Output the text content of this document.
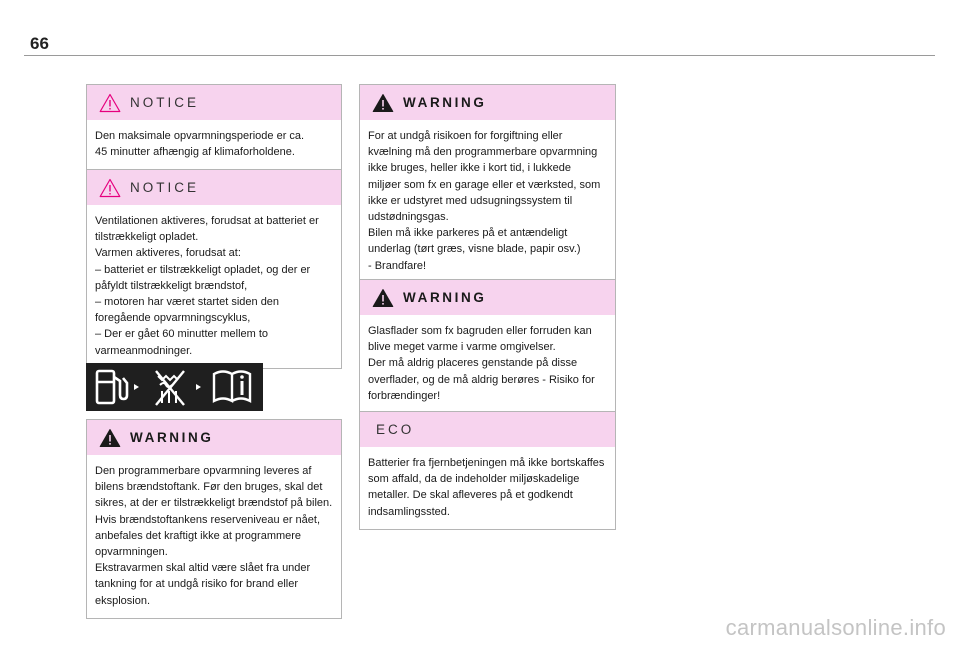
66
NOTICE
Den maksimale opvarmningsperiode er ca.
45 minutter afhængig af klimaforholdene.
NOTICE
Ventilationen aktiveres, forudsat at batteriet er tilstrækkeligt opladet.
Varmen aktiveres, forudsat at:
– batteriet er tilstrækkeligt opladet, og der er påfyldt tilstrækkeligt brændstof,
– motoren har været startet siden den foregående opvarmningscyklus,
– Der er gået 60 minutter mellem to varmeanmodninger.
WARNING
Den programmerbare opvarmning leveres af bilens brændstoftank. Før den bruges, skal det sikres, at der er tilstrækkeligt brændstof på bilen. Hvis brændstoftankens reserveniveau er nået, anbefales det kraftigt ikke at programmere opvarmningen.
Ekstravarmen skal altid være slået fra under tankning for at undgå risiko for brand eller eksplosion.
WARNING
For at undgå risikoen for forgiftning eller kvælning må den programmerbare opvarmning ikke bruges, heller ikke i kort tid, i lukkede miljøer som fx en garage eller et værksted, som ikke er udstyret med udsugningssystem til udstødningsgas.
Bilen må ikke parkeres på et antændeligt underlag (tørt græs, visne blade, papir osv.)
- Brandfare!
WARNING
Glasflader som fx bagruden eller forruden kan blive meget varme i varme omgivelser.
Der må aldrig placeres genstande på disse overflader, og de må aldrig berøres - Risiko for forbrændinger!
ECO
Batterier fra fjernbetjeningen må ikke bortskaffes som affald, da de indeholder miljøskadelige metaller. De skal afleveres på et godkendt indsamlingssted.
carmanualsonline.info
